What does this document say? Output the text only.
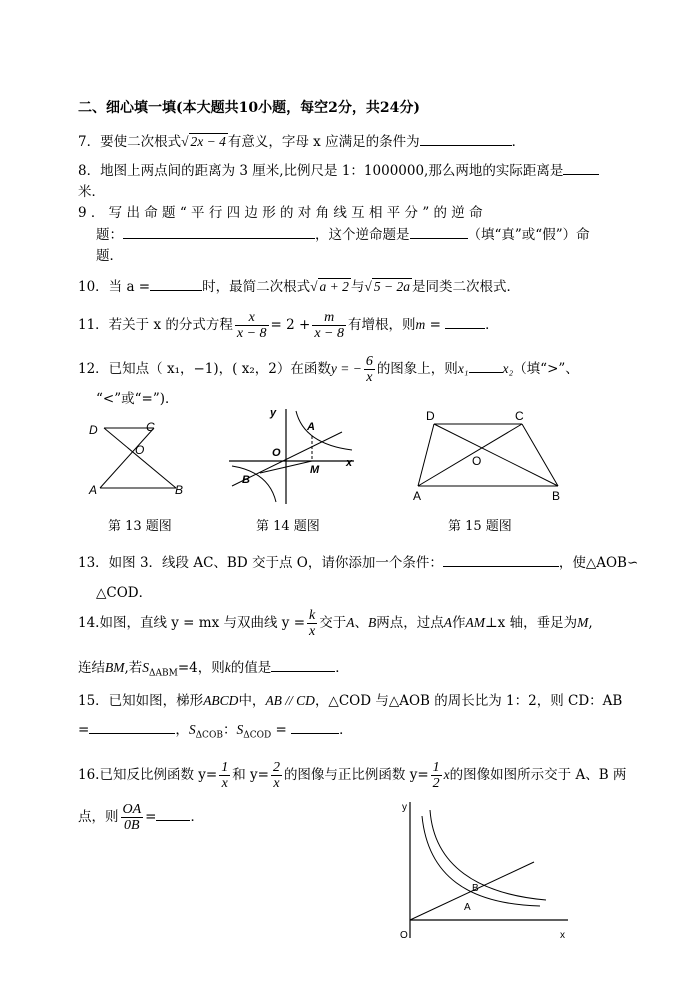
二、细心填一填(本大题共10小题，每空2分，共24分)
7．要使二次根式√ 2x − 4 有意义，字母 x 应满足的条件为	．
8．地图上两点间的距离为 3 厘米,比例尺是 1：1000000,那么两地的实际距离是
米．
9 ． 写 出 命 题 “ 平 行 四 边 形 的 对 角 线 互 相 平 分 ” 的 逆 命
题：	，这个逆命题是	（填“真”或“假”）命
题．
10．当 a =	时，最简二次根式√ a + 2 与√ 5 − 2a 是同类二次根式．
11．若关于 x 的分式方程 $\frac{x}{x - 8} = 2 + \frac{m}{x - 8}$ 有增根，则m =	．
12．已知点（ x₁，−1)，( x₂，2）在函数y = − $\frac{6}{x}$ 的图象上，则x₁	x₂（填“>”、
“<”或“=”)．
D	C
O
A	B
y
A
O
M
x
B
D	C
O
A	B
第 13 题图	第 14 题图	第 15 题图
13．如图 3．线段 AC、BD 交于点 O，请你添加一个条件：	，使△AOB∽
△COD．
14.如图，直线 y = mx 与双曲线 $y = \frac{k}{x}$ 交于A、B两点，过点A作AM⊥x 轴，垂足为M,
连结BM,若$S_{\Delta ABM}=4$，则k的值是	．
15．已知如图，梯形ABCD中，AB // CD，△COD 与△AOB 的周长比为 1：2，则 CD：AB
=	，$S_{\Delta COB}$：$S_{\Delta COD}$ =	．
16.已知反比例函数 $y= \frac{1}{x}$ 和 $y= \frac{2}{x}$ 的图像与正比例函数 $y= \frac{1}{2}$ x的图像如图所示交于 A、B 两
点，则 $\frac{OA}{0B}$ =	．
y
B
A
O	x
